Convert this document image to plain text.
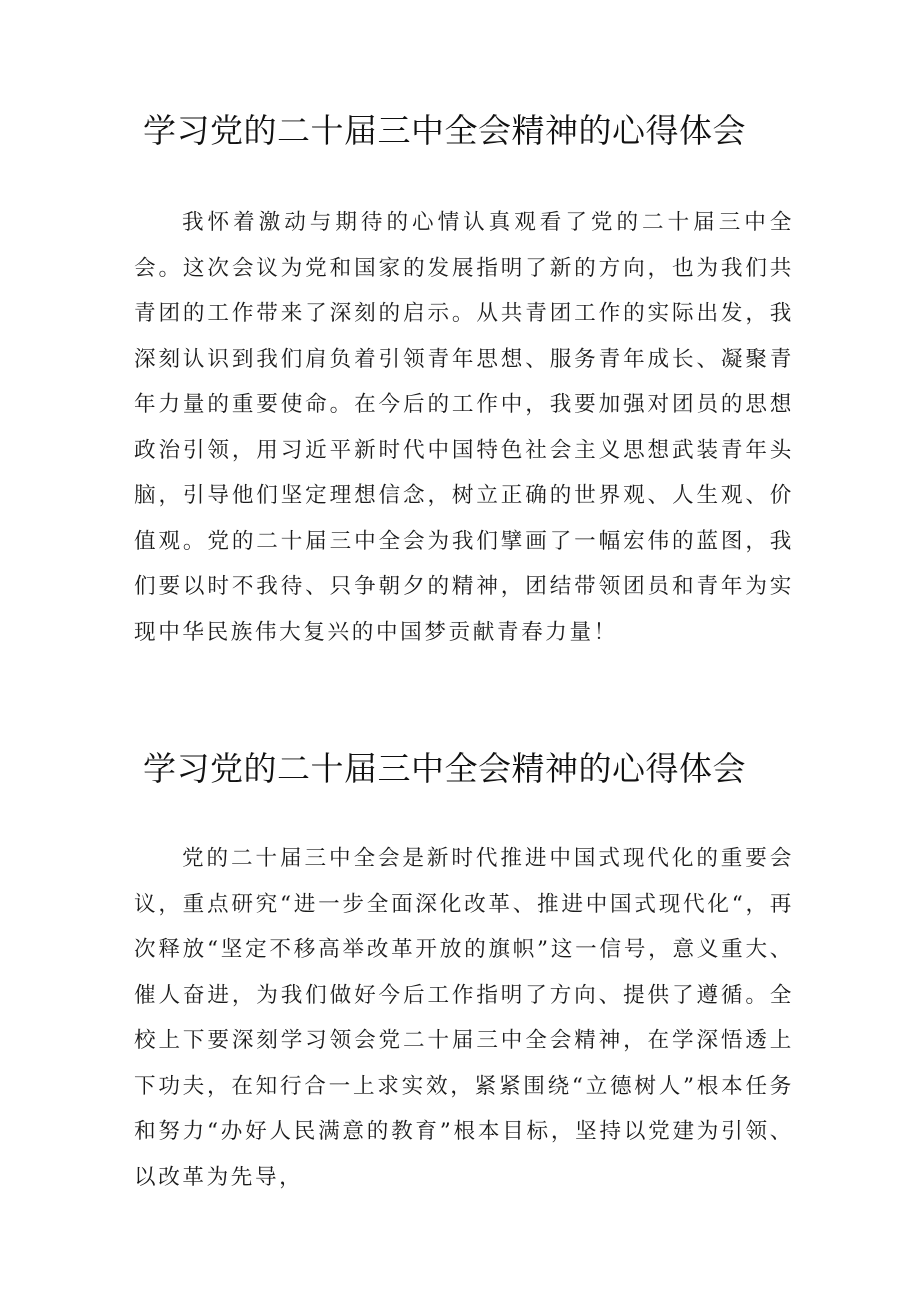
学习党的二十届三中全会精神的心得体会

我怀着激动与期待的心情认真观看了党的二十届三中全会。这次会议为党和国家的发展指明了新的方向，也为我们共青团的工作带来了深刻的启示。从共青团工作的实际出发，我深刻认识到我们肩负着引领青年思想、服务青年成长、凝聚青年力量的重要使命。在今后的工作中，我要加强对团员的思想政治引领，用习近平新时代中国特色社会主义思想武装青年头脑，引导他们坚定理想信念，树立正确的世界观、人生观、价值观。党的二十届三中全会为我们擘画了一幅宏伟的蓝图，我们要以时不我待、只争朝夕的精神，团结带领团员和青年为实现中华民族伟大复兴的中国梦贡献青春力量！

学习党的二十届三中全会精神的心得体会

党的二十届三中全会是新时代推进中国式现代化的重要会议，重点研究“进一步全面深化改革、推进中国式现代化“，再次释放“坚定不移高举改革开放的旗帜”这一信号，意义重大、催人奋进，为我们做好今后工作指明了方向、提供了遵循。全校上下要深刻学习领会党二十届三中全会精神，在学深悟透上下功夫，在知行合一上求实效，紧紧围绕“立德树人”根本任务和努力“办好人民满意的教育”根本目标，坚持以党建为引领、以改革为先导，
